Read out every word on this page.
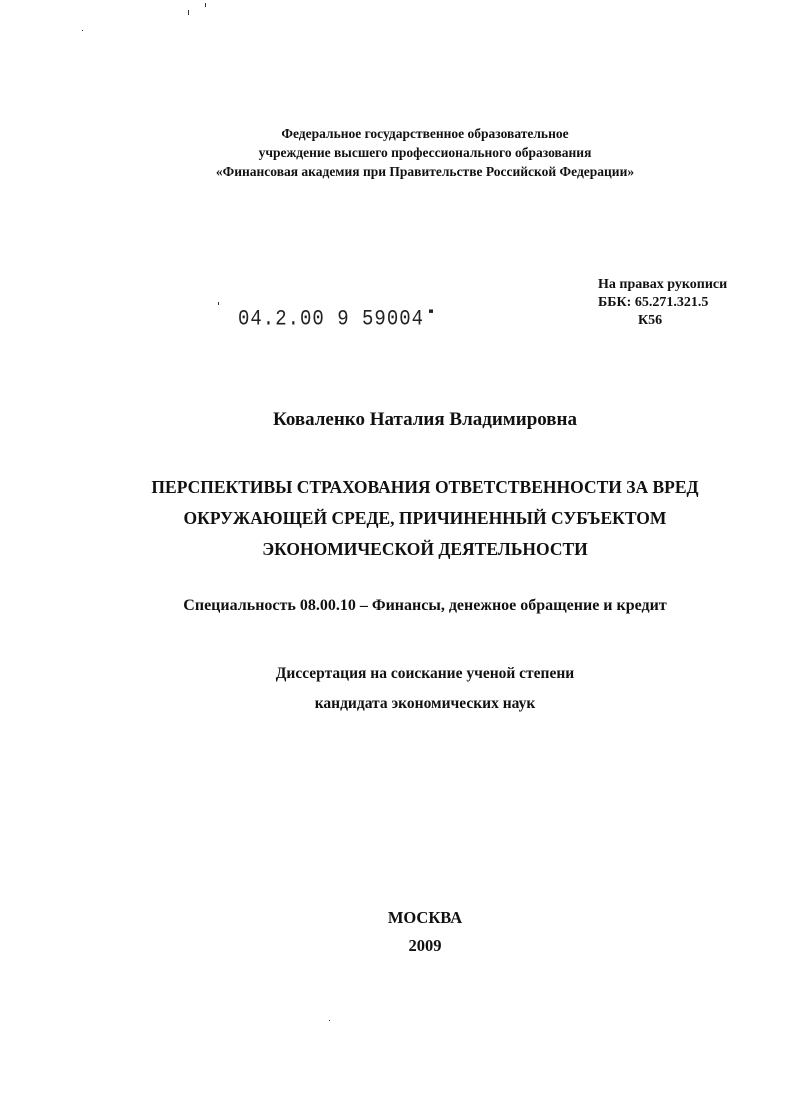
Федеральное государственное образовательное
учреждение высшего профессионального образования
«Финансовая академия при Правительстве Российской Федерации»
На правах рукописи
ББК: 65.271.321.5
К56
04.2.00 9 59004
Коваленко Наталия Владимировна
ПЕРСПЕКТИВЫ СТРАХОВАНИЯ ОТВЕТСТВЕННОСТИ ЗА ВРЕД
ОКРУЖАЮЩЕЙ СРЕДЕ, ПРИЧИНЕННЫЙ СУБЪЕКТОМ
ЭКОНОМИЧЕСКОЙ ДЕЯТЕЛЬНОСТИ
Специальность 08.00.10 – Финансы, денежное обращение и кредит
Диссертация на соискание ученой степени
кандидата экономических наук
МОСКВА
2009
